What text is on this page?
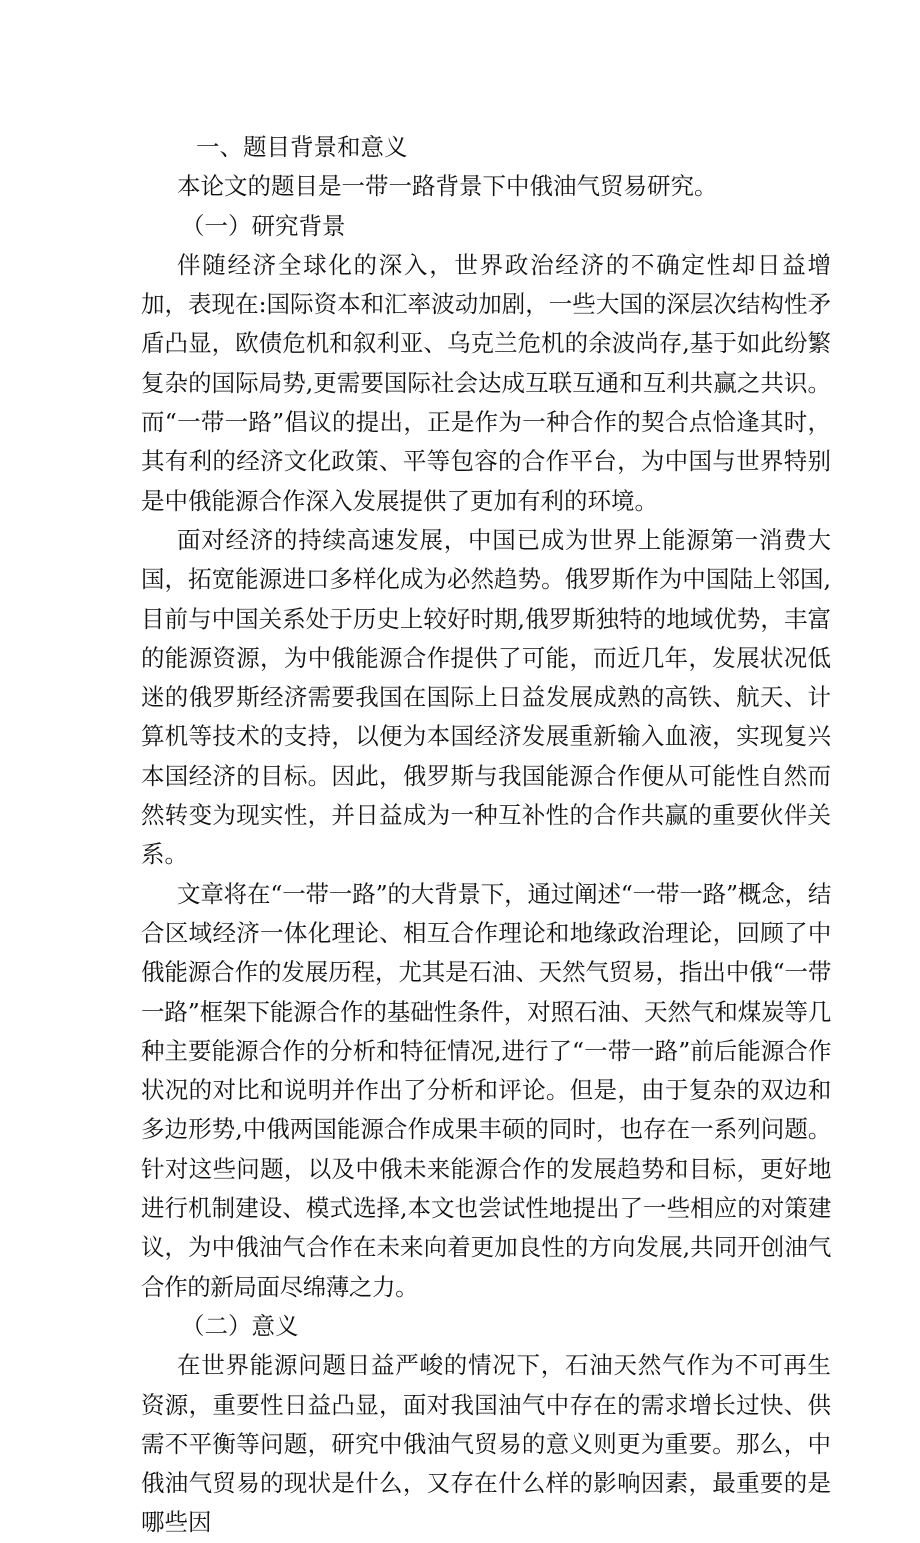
一、题目背景和意义

本论文的题目是一带一路背景下中俄油气贸易研究。

（一）研究背景

伴随经济全球化的深入，世界政治经济的不确定性却日益增加，表现在:国际资本和汇率波动加剧，一些大国的深层次结构性矛盾凸显，欧债危机和叙利亚、乌克兰危机的余波尚存,基于如此纷繁复杂的国际局势,更需要国际社会达成互联互通和互利共赢之共识。而“一带一路”倡议的提出，正是作为一种合作的契合点恰逢其时，其有利的经济文化政策、平等包容的合作平台，为中国与世界特别是中俄能源合作深入发展提供了更加有利的环境。

面对经济的持续高速发展，中国已成为世界上能源第一消费大国，拓宽能源进口多样化成为必然趋势。俄罗斯作为中国陆上邻国,目前与中国关系处于历史上较好时期,俄罗斯独特的地域优势，丰富的能源资源，为中俄能源合作提供了可能，而近几年，发展状况低迷的俄罗斯经济需要我国在国际上日益发展成熟的高铁、航天、计算机等技术的支持，以便为本国经济发展重新输入血液，实现复兴本国经济的目标。因此，俄罗斯与我国能源合作便从可能性自然而然转变为现实性，并日益成为一种互补性的合作共赢的重要伙伴关系。

文章将在“一带一路”的大背景下，通过阐述“一带一路”概念，结合区域经济一体化理论、相互合作理论和地缘政治理论，回顾了中俄能源合作的发展历程，尤其是石油、天然气贸易，指出中俄“一带一路”框架下能源合作的基础性条件，对照石油、天然气和煤炭等几种主要能源合作的分析和特征情况,进行了“一带一路”前后能源合作状况的对比和说明并作出了分析和评论。但是，由于复杂的双边和多边形势,中俄两国能源合作成果丰硕的同时，也存在一系列问题。针对这些问题，以及中俄未来能源合作的发展趋势和目标，更好地进行机制建设、模式选择,本文也尝试性地提出了一些相应的对策建议，为中俄油气合作在未来向着更加良性的方向发展,共同开创油气合作的新局面尽绵薄之力。

（二）意义

在世界能源问题日益严峻的情况下，石油天然气作为不可再生资源，重要性日益凸显，面对我国油气中存在的需求增长过快、供需不平衡等问题，研究中俄油气贸易的意义则更为重要。那么，中俄油气贸易的现状是什么，又存在什么样的影响因素，最重要的是哪些因
